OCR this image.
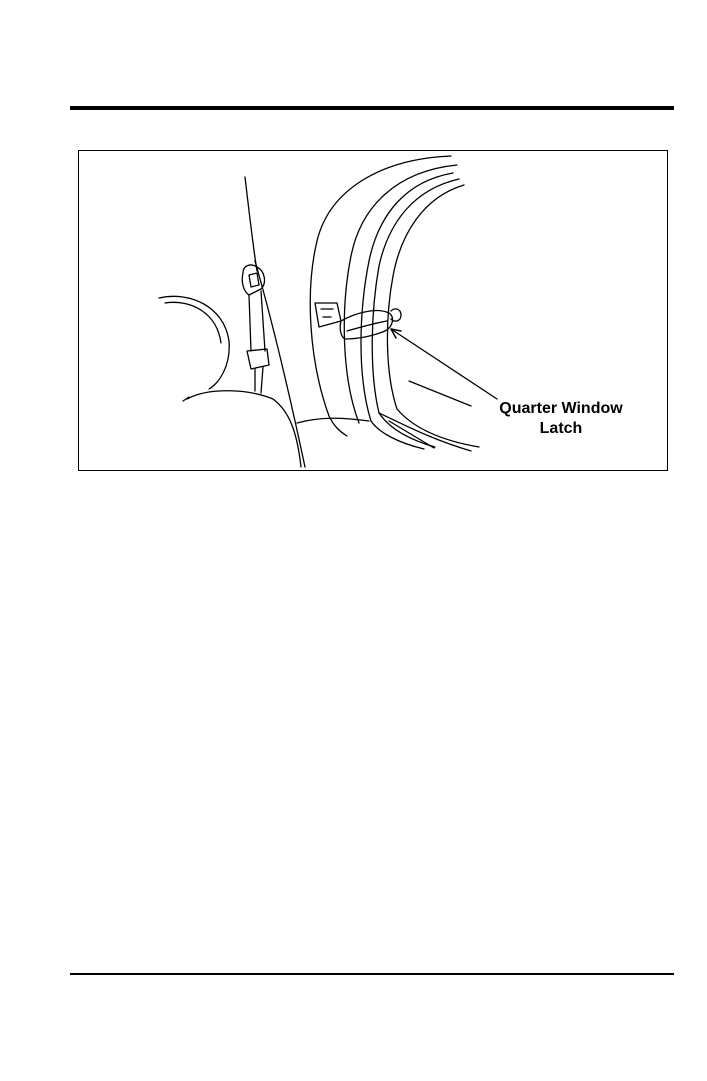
Quarter Window
Latch
